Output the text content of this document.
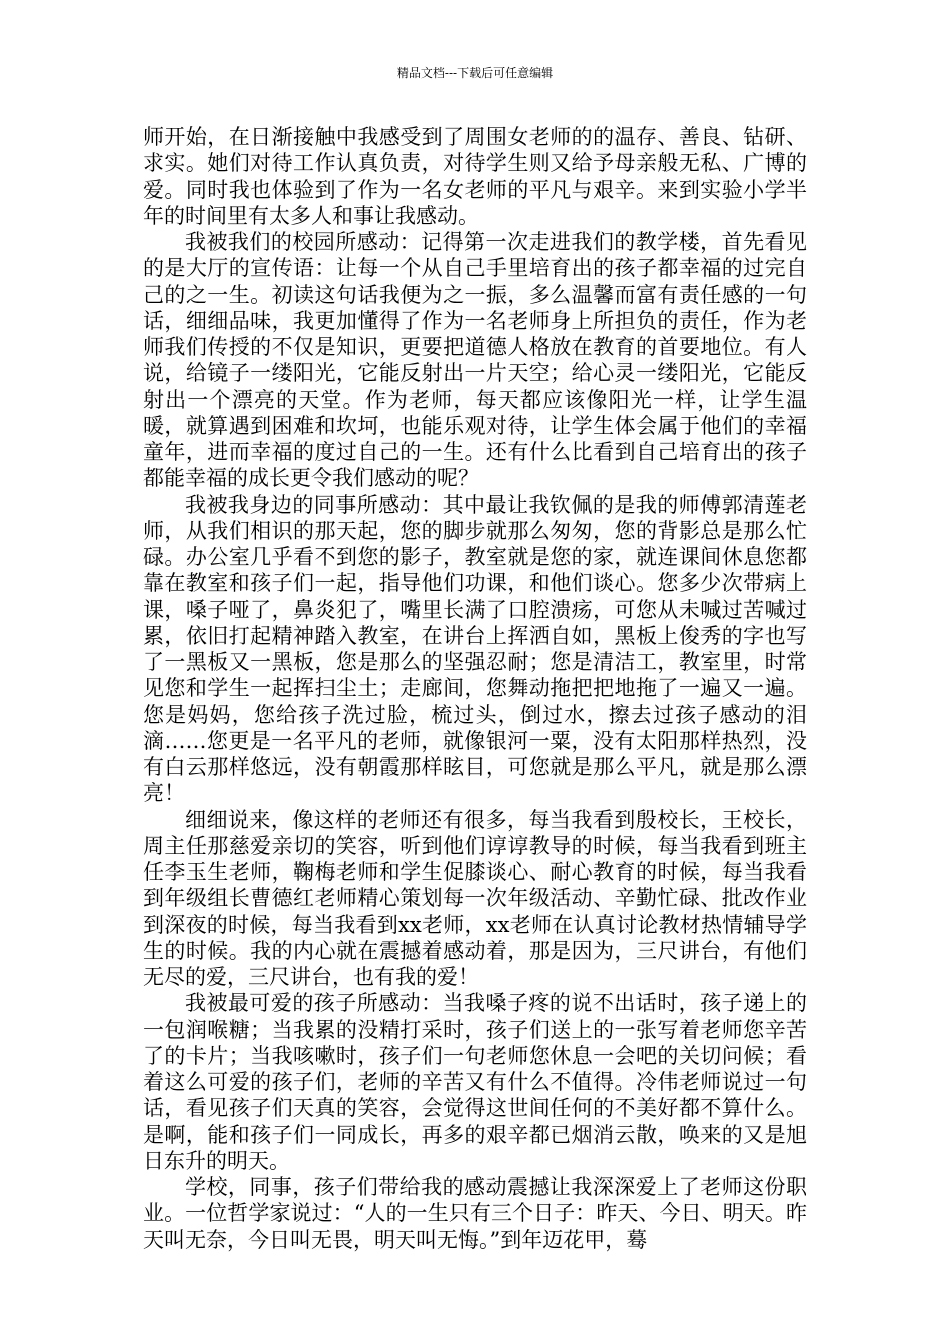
精品文档---下载后可任意编辑

师开始，在日渐接触中我感受到了周围女老师的的温存、善良、钻研、求实。她们对待工作认真负责，对待学生则又给予母亲般无私、广博的爱。同时我也体验到了作为一名女老师的平凡与艰辛。来到实验小学半年的时间里有太多人和事让我感动。

我被我们的校园所感动：记得第一次走进我们的教学楼，首先看见的是大厅的宣传语：让每一个从自己手里培育出的孩子都幸福的过完自己的之一生。初读这句话我便为之一振，多么温馨而富有责任感的一句话，细细品味，我更加懂得了作为一名老师身上所担负的责任，作为老师我们传授的不仅是知识，更要把道德人格放在教育的首要地位。有人说，给镜子一缕阳光，它能反射出一片天空；给心灵一缕阳光，它能反射出一个漂亮的天堂。作为老师，每天都应该像阳光一样，让学生温暖，就算遇到困难和坎坷，也能乐观对待，让学生体会属于他们的幸福童年，进而幸福的度过自己的一生。还有什么比看到自己培育出的孩子都能幸福的成长更令我们感动的呢？

我被我身边的同事所感动：其中最让我钦佩的是我的师傅郭清莲老师，从我们相识的那天起，您的脚步就那么匆匆，您的背影总是那么忙碌。办公室几乎看不到您的影子，教室就是您的家，就连课间休息您都靠在教室和孩子们一起，指导他们功课，和他们谈心。您多少次带病上课，嗓子哑了，鼻炎犯了，嘴里长满了口腔溃疡，可您从未喊过苦喊过累，依旧打起精神踏入教室，在讲台上挥洒自如，黑板上俊秀的字也写了一黑板又一黑板，您是那么的坚强忍耐；您是清洁工，教室里，时常见您和学生一起挥扫尘土；走廊间，您舞动拖把把地拖了一遍又一遍。您是妈妈，您给孩子洗过脸，梳过头，倒过水，擦去过孩子感动的泪滴……您更是一名平凡的老师，就像银河一粟，没有太阳那样热烈，没有白云那样悠远，没有朝霞那样眩目，可您就是那么平凡，就是那么漂亮！

细细说来，像这样的老师还有很多，每当我看到殷校长，王校长，周主任那慈爱亲切的笑容，听到他们谆谆教导的时候，每当我看到班主任李玉生老师，鞠梅老师和学生促膝谈心、耐心教育的时候，每当我看到年级组长曹德红老师精心策划每一次年级活动、辛勤忙碌、批改作业到深夜的时候，每当我看到xx老师，xx老师在认真讨论教材热情辅导学生的时候。我的内心就在震撼着感动着，那是因为，三尺讲台，有他们无尽的爱，三尺讲台，也有我的爱！

我被最可爱的孩子所感动：当我嗓子疼的说不出话时，孩子递上的一包润喉糖；当我累的没精打采时，孩子们送上的一张写着老师您辛苦了的卡片；当我咳嗽时，孩子们一句老师您休息一会吧的关切问候；看着这么可爱的孩子们，老师的辛苦又有什么不值得。冷伟老师说过一句话，看见孩子们天真的笑容，会觉得这世间任何的不美好都不算什么。是啊，能和孩子们一同成长，再多的艰辛都已烟消云散，唤来的又是旭日东升的明天。

学校，同事，孩子们带给我的感动震撼让我深深爱上了老师这份职业。一位哲学家说过：“人的一生只有三个日子：昨天、今日、明天。昨天叫无奈，今日叫无畏，明天叫无悔。”到年迈花甲，蓦
